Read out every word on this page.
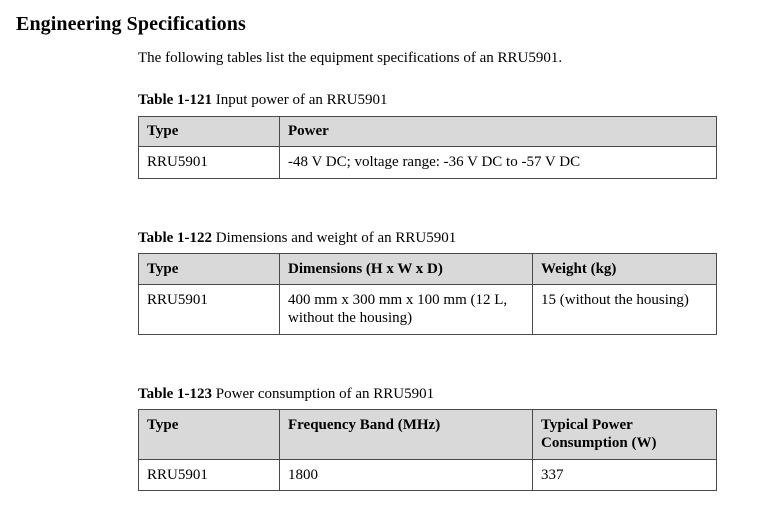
Engineering Specifications
The following tables list the equipment specifications of an RRU5901.
Table 1-121 Input power of an RRU5901
Type	Power
RRU5901	-48 V DC; voltage range: -36 V DC to -57 V DC
Table 1-122 Dimensions and weight of an RRU5901
Type	Dimensions (H x W x D)	Weight (kg)
RRU5901	400 mm x 300 mm x 100 mm (12 L, without the housing)	15 (without the housing)
Table 1-123 Power consumption of an RRU5901
Type	Frequency Band (MHz)	Typical Power Consumption (W)
RRU5901	1800	337
